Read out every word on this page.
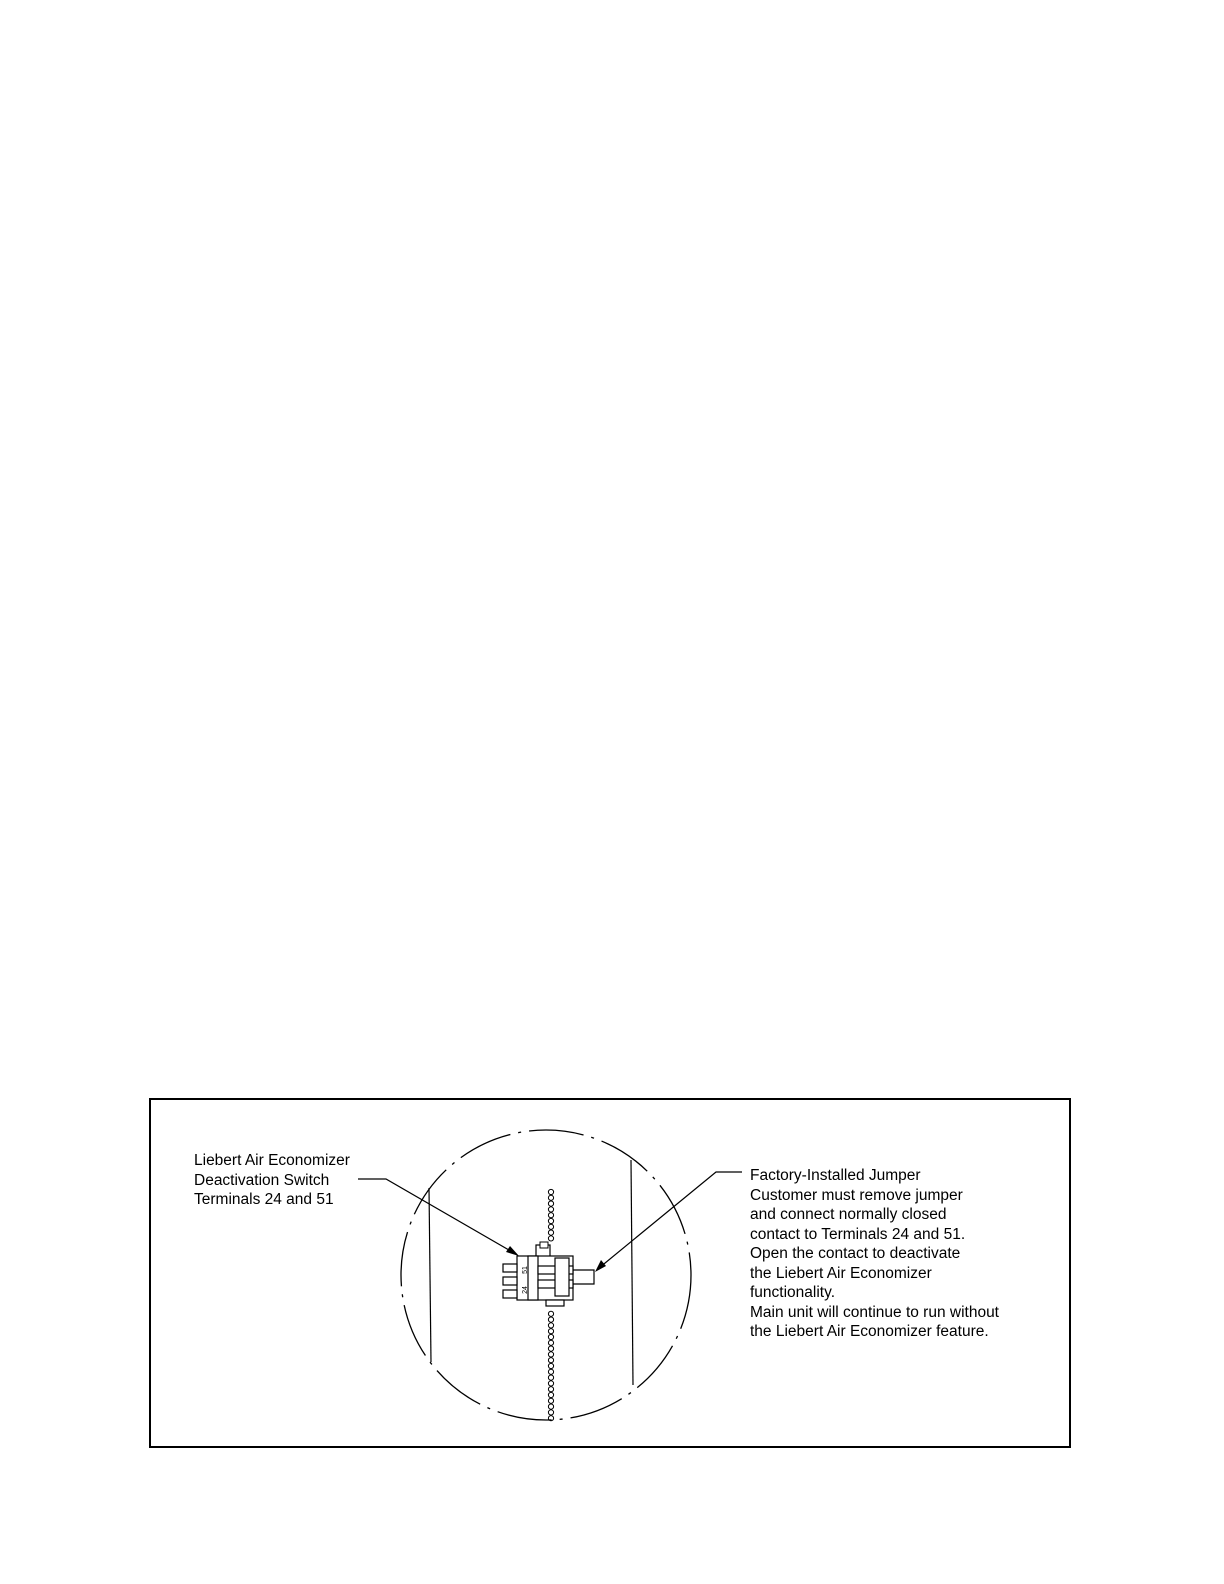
51
24
Liebert Air Economizer
Deactivation Switch
Terminals 24 and 51
Factory-Installed Jumper
Customer must remove jumper
and connect normally closed
contact to Terminals 24 and 51.
Open the contact to deactivate
the Liebert Air Economizer
functionality.
Main unit will continue to run without
the Liebert Air Economizer feature.
